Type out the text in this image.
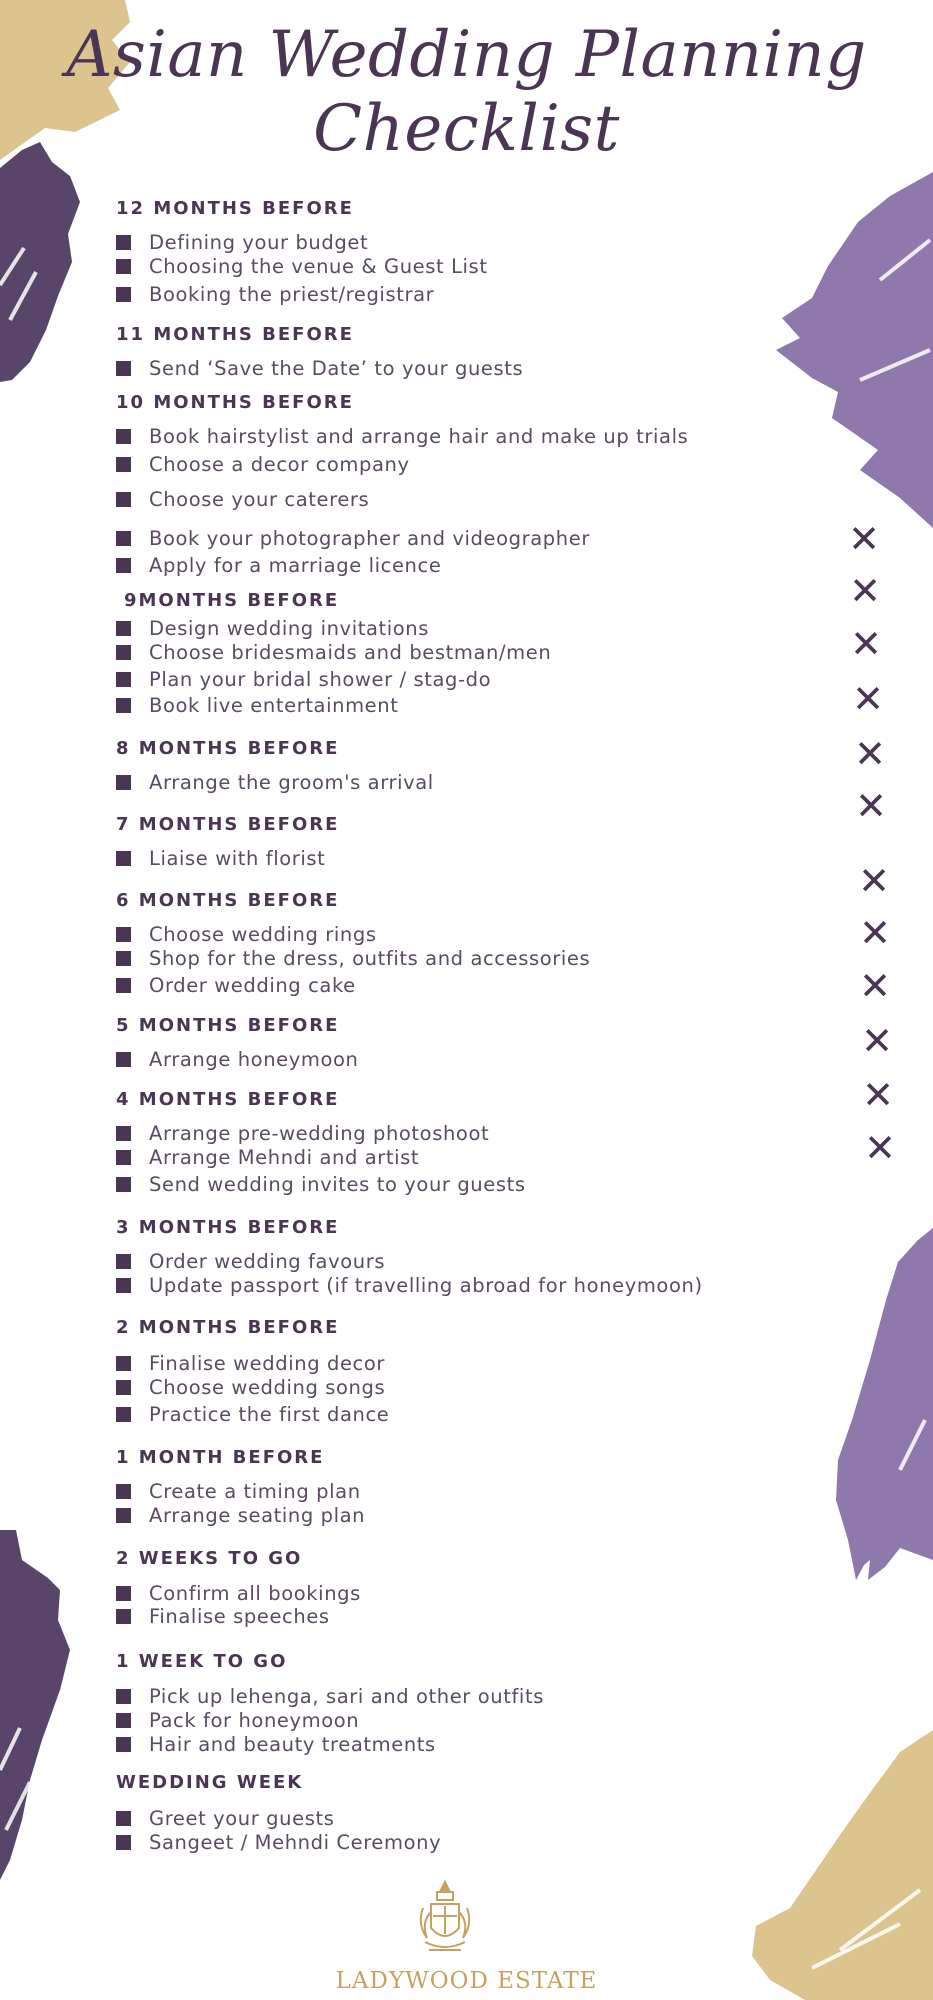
Asian Wedding Planning
Checklist
12 MONTHS BEFORE
Defining your budget
Choosing the venue & Guest List
Booking the priest/registrar
11 MONTHS BEFORE
Send ‘Save the Date’ to your guests
10 MONTHS BEFORE
Book hairstylist and arrange hair and make up trials
Choose a decor company
Choose your caterers
Book your photographer and videographer
Apply for a marriage licence
9MONTHS BEFORE
Design wedding invitations
Choose bridesmaids and bestman/men
Plan your bridal shower / stag-do
Book live entertainment
8 MONTHS BEFORE
Arrange the groom's arrival
7 MONTHS BEFORE
Liaise with florist
6 MONTHS BEFORE
Choose wedding rings
Shop for the dress, outfits and accessories
Order wedding cake
5 MONTHS BEFORE
Arrange honeymoon
4 MONTHS BEFORE
Arrange pre-wedding photoshoot
Arrange Mehndi and artist
Send wedding invites to your guests
3 MONTHS BEFORE
Order wedding favours
Update passport (if travelling abroad for honeymoon)
2 MONTHS BEFORE
Finalise wedding decor
Choose wedding songs
Practice the first dance
1 MONTH BEFORE
Create a timing plan
Arrange seating plan
2 WEEKS TO GO
Confirm all bookings
Finalise speeches
1 WEEK TO GO
Pick up lehenga, sari and other outfits
Pack for honeymoon
Hair and beauty treatments
WEDDING WEEK
Greet your guests
Sangeet / Mehndi Ceremony
✕
✕
✕
✕
✕
✕
✕
✕
✕
✕
✕
✕
LADYWOOD ESTATE
